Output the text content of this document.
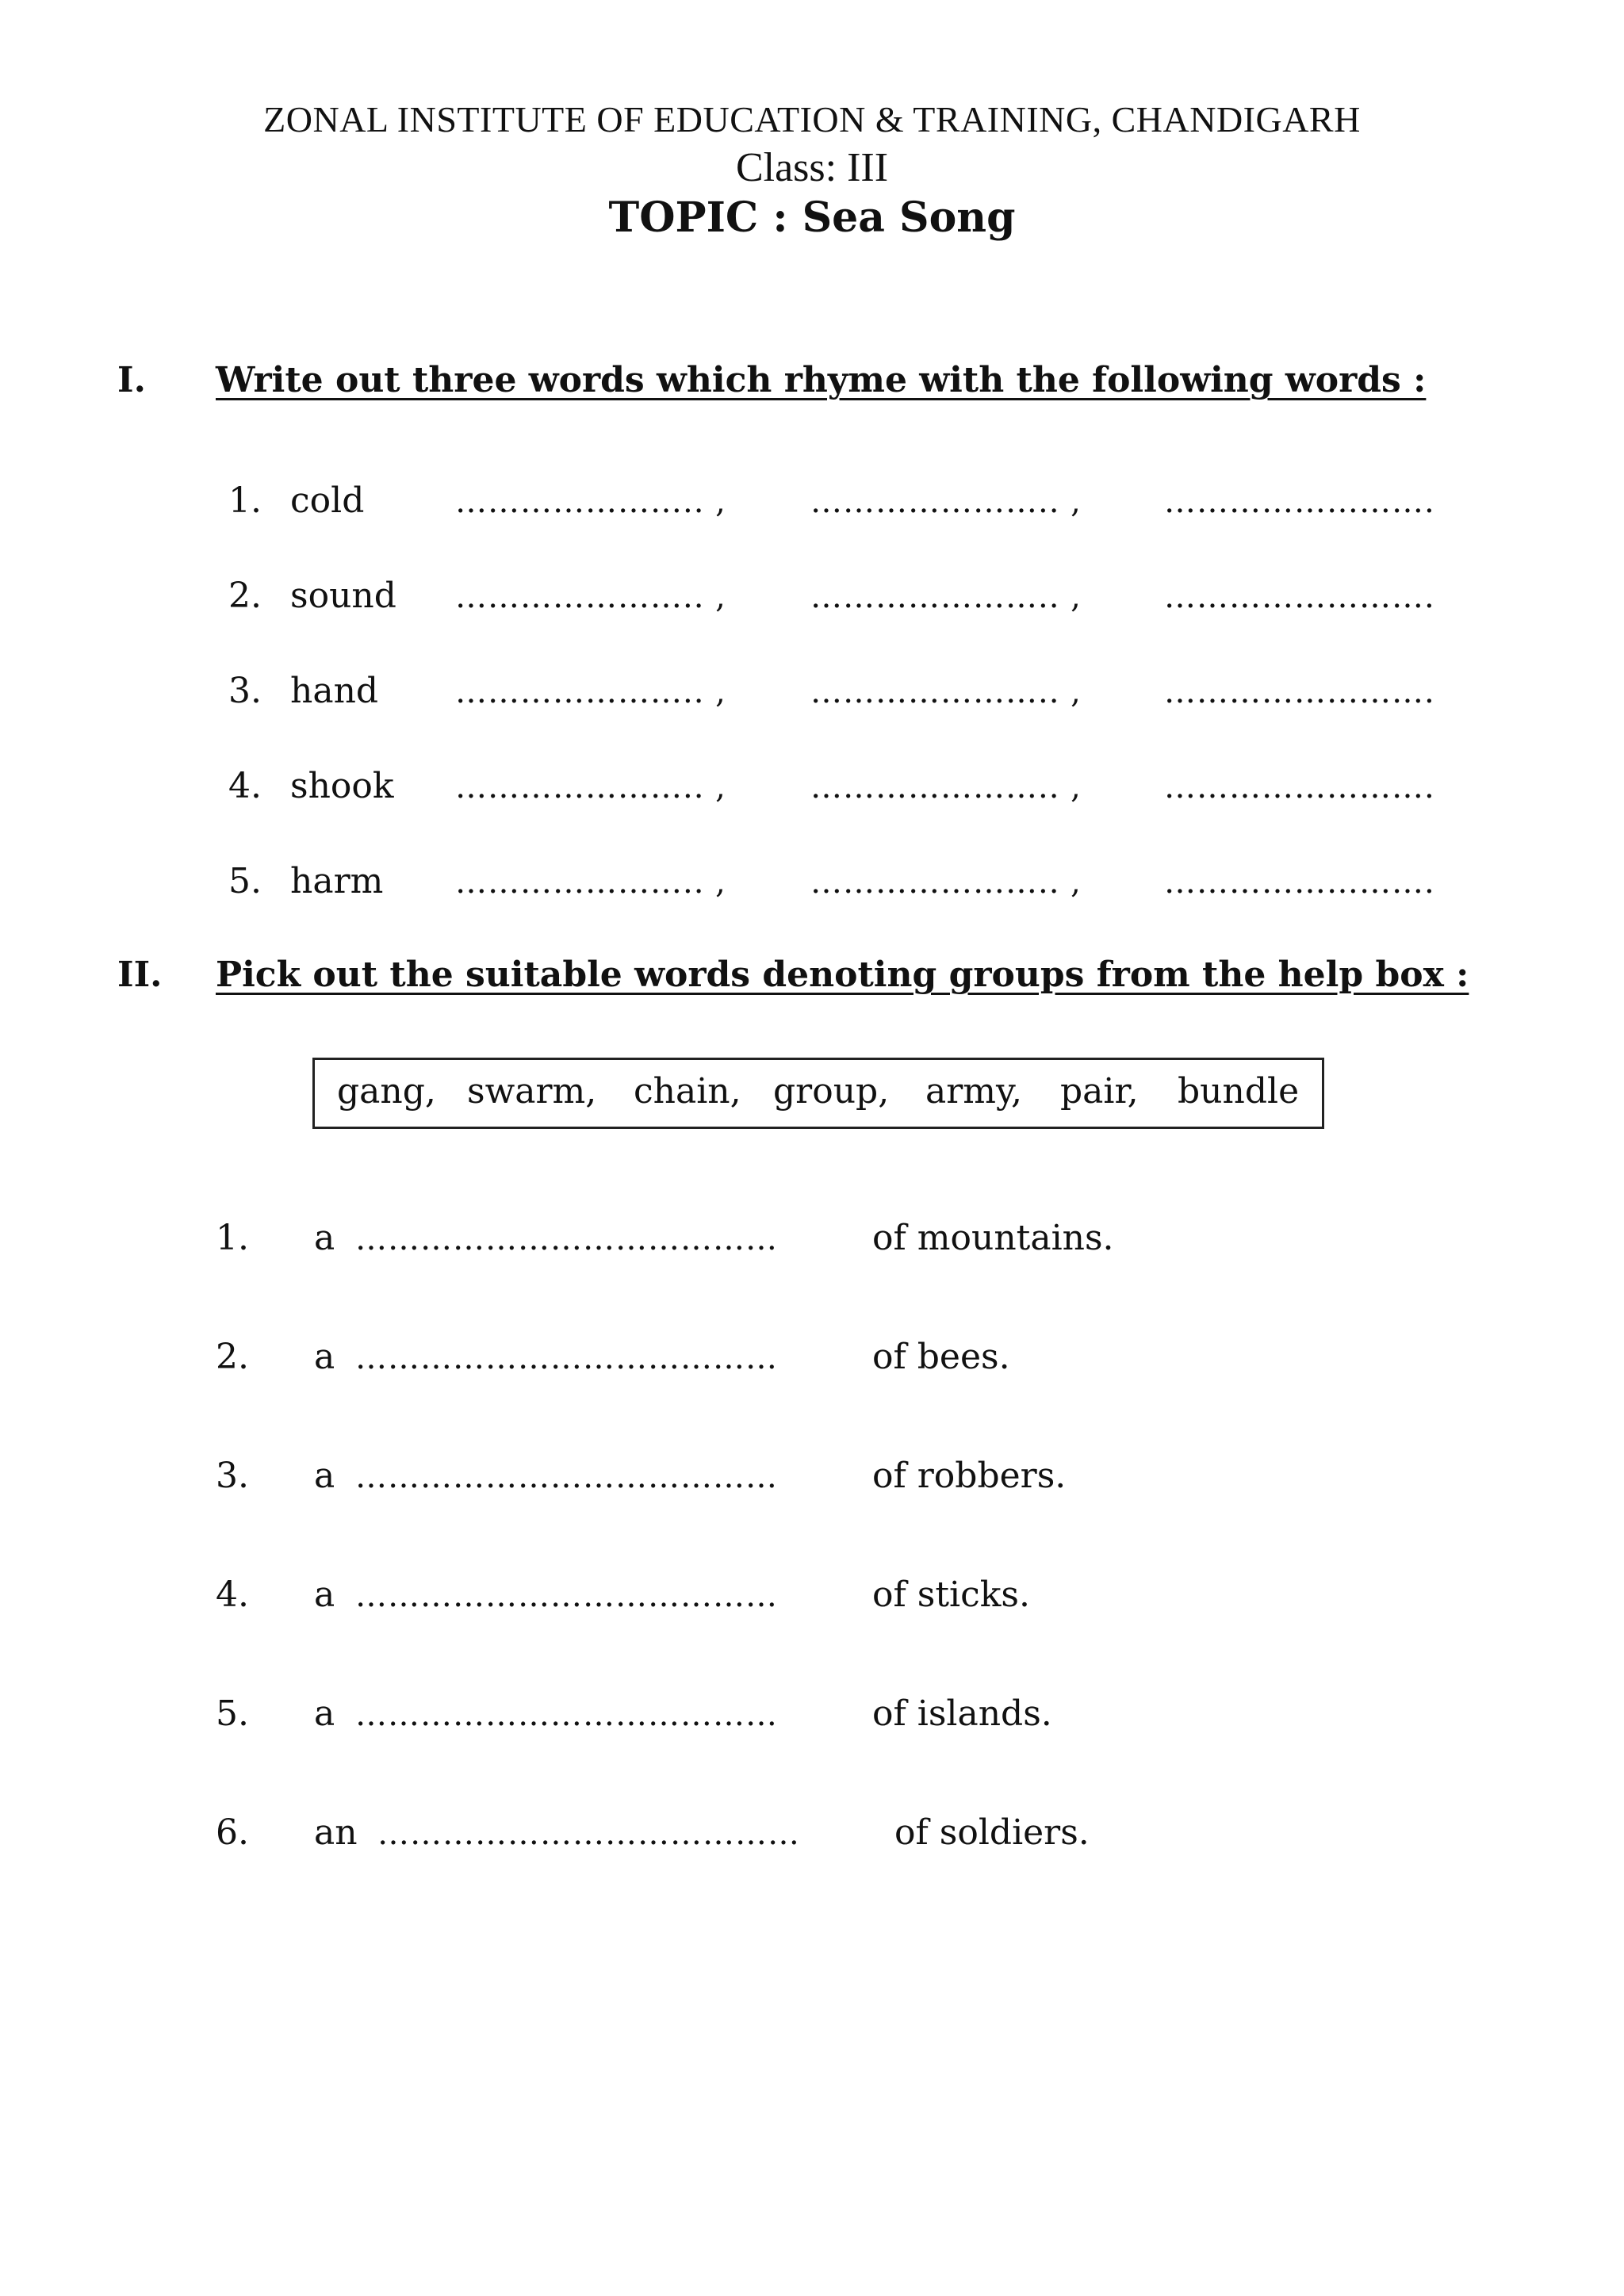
ZONAL INSTITUTE OF EDUCATION & TRAINING, CHANDIGARH
Class: III
TOPIC : Sea Song
I. Write out three words which rhyme with the following words :
1. cold	………………….. ,	………………….. ,	…………………….
2. sound ………………….. ,	………………….. ,	…………………….
3. hand ………………….. ,	………………….. ,	…………………….
4. shook ………………….. ,	………………….. ,	…………………….
5. harm ………………….. ,	………………….. ,	…………………….
II. Pick out the suitable words denoting groups from the help box :
gang, swarm, chain, group, army, pair, bundle
1. a …………………………………	of mountains.
2. a …………………………………	of bees.
3. a …………………………………	of robbers.
4. a …………………………………	of sticks.
5. a …………………………………	of islands.
6. an …………………………………	of soldiers.
